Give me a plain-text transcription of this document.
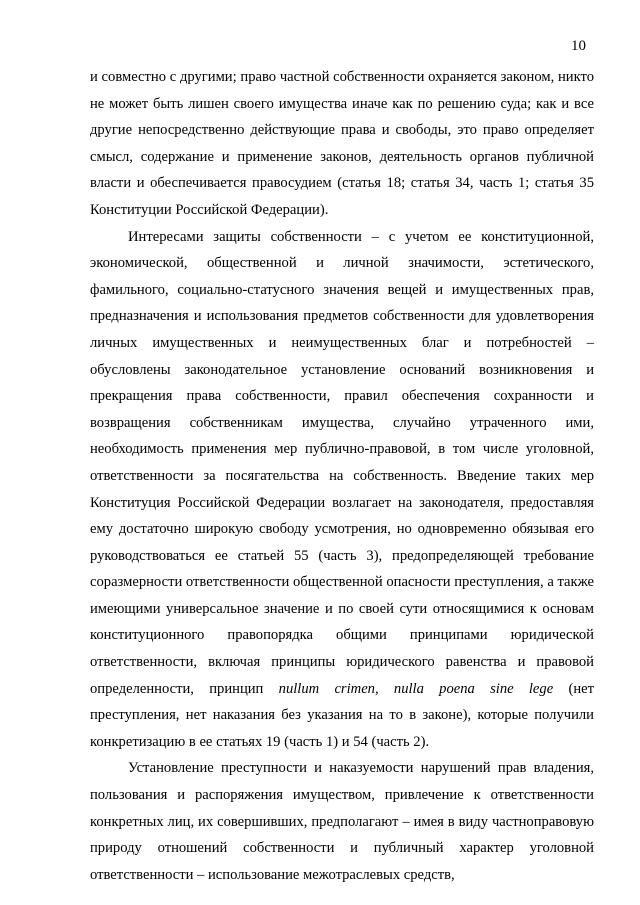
10

и совместно с другими; право частной собственности охраняется законом, никто не может быть лишен своего имущества иначе как по решению суда; как и все другие непосредственно действующие права и свободы, это право определяет смысл, содержание и применение законов, деятельность органов публичной власти и обеспечивается правосудием (статья 18; статья 34, часть 1; статья 35 Конституции Российской Федерации).

Интересами защиты собственности – с учетом ее конституционной, экономической, общественной и личной значимости, эстетического, фамильного, социально-статусного значения вещей и имущественных прав, предназначения и использования предметов собственности для удовлетворения личных имущественных и неимущественных благ и потребностей – обусловлены законодательное установление оснований возникновения и прекращения права собственности, правил обеспечения сохранности и возвращения собственникам имущества, случайно утраченного ими, необходимость применения мер публично-правовой, в том числе уголовной, ответственности за посягательства на собственность. Введение таких мер Конституция Российской Федерации возлагает на законодателя, предоставляя ему достаточно широкую свободу усмотрения, но одновременно обязывая его руководствоваться ее статьей 55 (часть 3), предопределяющей требование соразмерности ответственности общественной опасности преступления, а также имеющими универсальное значение и по своей сути относящимися к основам конституционного правопорядка общими принципами юридической ответственности, включая принципы юридического равенства и правовой определенности, принцип nullum crimen, nulla poena sine lege (нет преступления, нет наказания без указания на то в законе), которые получили конкретизацию в ее статьях 19 (часть 1) и 54 (часть 2).

Установление преступности и наказуемости нарушений прав владения, пользования и распоряжения имуществом, привлечение к ответственности конкретных лиц, их совершивших, предполагают – имея в виду частноправовую природу отношений собственности и публичный характер уголовной ответственности – использование межотраслевых средств,
